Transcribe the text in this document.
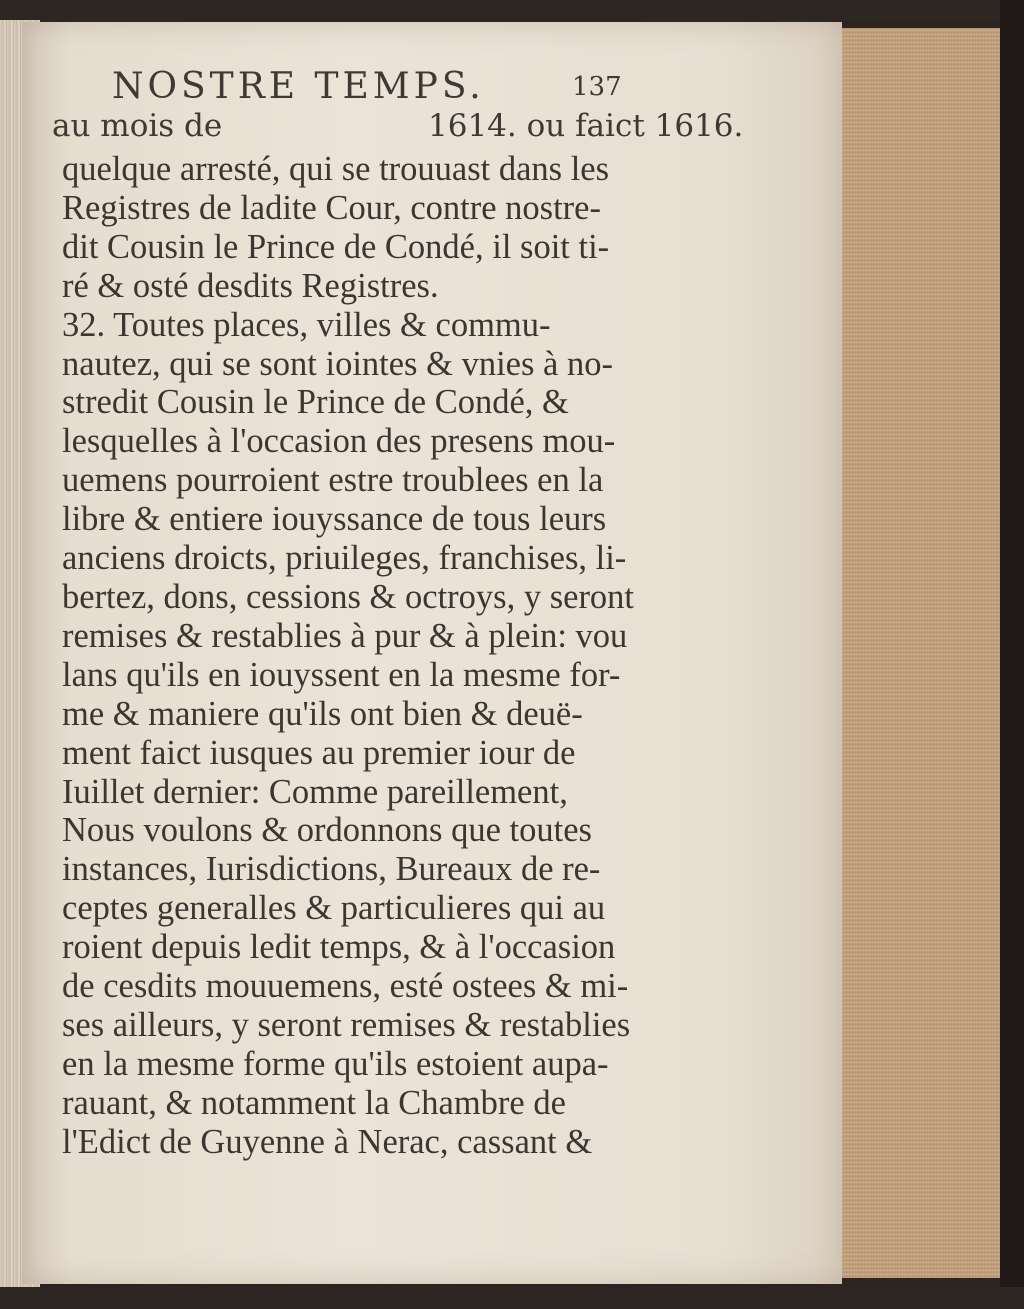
NOSTRE TEMPS.	137
au mois de	1614. ou faict 1616.
quelque arresté, qui se trouuast dans les
Registres de ladite Cour, contre nostre-
dit Cousin le Prince de Condé, il soit ti-
ré & osté desdits Registres.
32. Toutes places, villes & commu-
nautez, qui se sont iointes & vnies à no-
stredit Cousin le Prince de Condé, &
lesquelles à l'occasion des presens mou-
uemens pourroient estre troublees en la
libre & entiere iouyssance de tous leurs
anciens droicts, priuileges, franchises, li-
bertez, dons, cessions & octroys, y seront
remises & restablies à pur & à plein: vou
lans qu'ils en iouyssent en la mesme for-
me & maniere qu'ils ont bien & deuë-
ment faict iusques au premier iour de
Iuillet dernier: Comme pareillement,
Nous voulons & ordonnons que toutes
instances, Iurisdictions, Bureaux de re-
ceptes generalles & particulieres qui au
roient depuis ledit temps, & à l'occasion
de cesdits mouuemens, esté ostees & mi-
ses ailleurs, y seront remises & restablies
en la mesme forme qu'ils estoient aupa-
rauant, & notamment la Chambre de
l'Edict de Guyenne à Nerac, cassant &
